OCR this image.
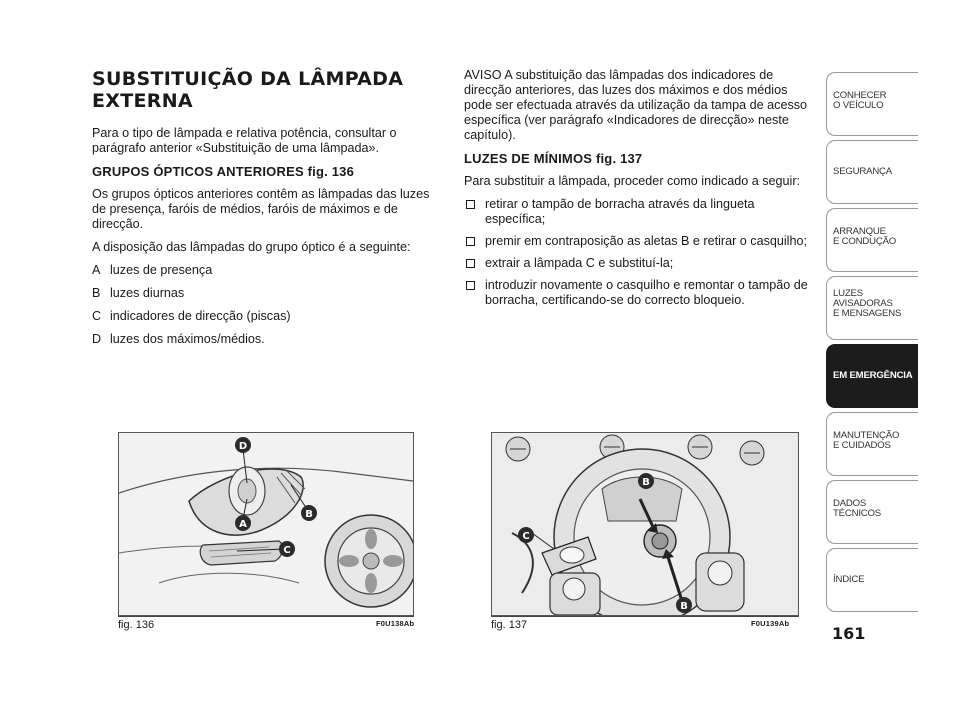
SUBSTITUIÇÃO DA LÂMPADA EXTERNA

Para o tipo de lâmpada e relativa potência, consultar o parágrafo anterior «Substituição de uma lâmpada».

GRUPOS ÓPTICOS ANTERIORES fig. 136

Os grupos ópticos anteriores contêm as lâmpadas das luzes de presença, faróis de médios, faróis de máximos e de direcção.

A disposição das lâmpadas do grupo óptico é a seguinte:

A luzes de presença
B luzes diurnas
C indicadores de direcção (piscas)
D luzes dos máximos/médios.

AVISO A substituição das lâmpadas dos indicadores de direcção anteriores, das luzes dos máximos e dos médios pode ser efectuada através da utilização da tampa de acesso específica (ver parágrafo «Indicadores de direcção» neste capítulo).

LUZES DE MÍNIMOS fig. 137

Para substituir a lâmpada, proceder como indicado a seguir:

retirar o tampão de borracha através da lingueta específica;
premir em contraposição as aletas B e retirar o casquilho;
extrair a lâmpada C e substituí-la;
introduzir novamente o casquilho e remontar o tampão de borracha, certificando-se do correcto bloqueio.
CONHECER
O VEÍCULO
SEGURANÇA
ARRANQUE
E CONDUÇÃO
LUZES
AVISADORAS
E MENSAGENS
EM EMERGÊNCIA
MANUTENÇÃO
E CUIDADOS
DADOS
TÉCNICOS
ÍNDICE
161
D
A
B
C
fig. 136	F0U138Ab
B
C
B
fig. 137	F0U139Ab
